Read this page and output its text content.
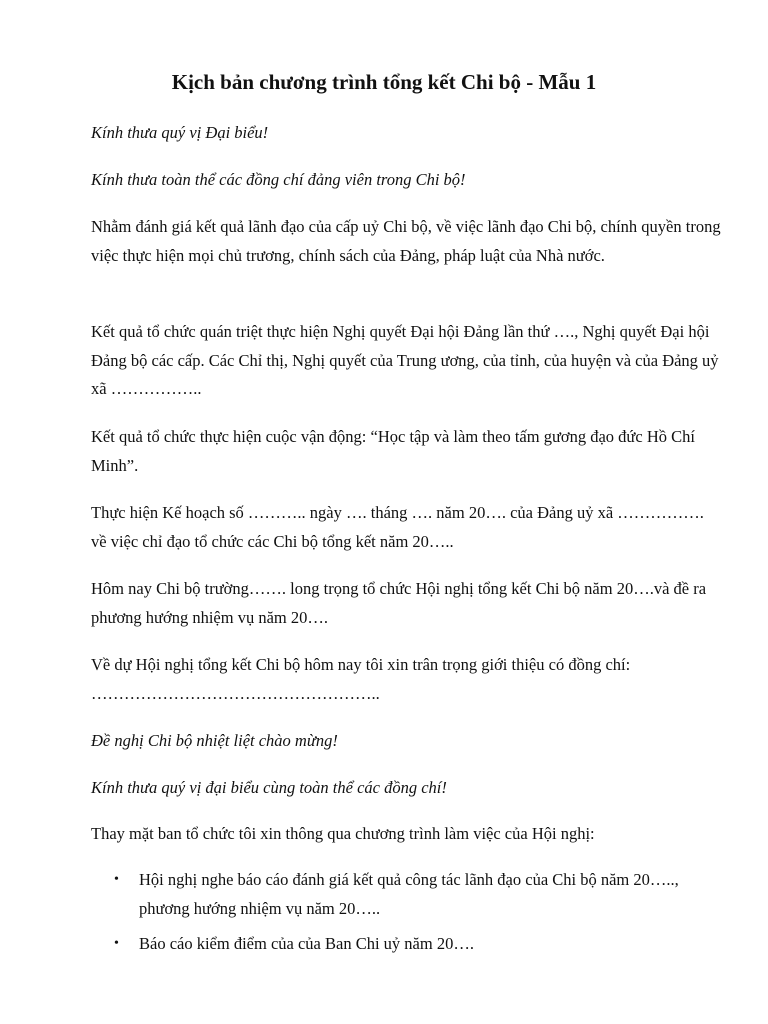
Kịch bản chương trình tổng kết Chi bộ - Mẫu 1

Kính thưa quý vị Đại biểu!

Kính thưa toàn thể các đồng chí đảng viên trong Chi bộ!

Nhằm đánh giá kết quả lãnh đạo của cấp uỷ Chi bộ, về việc lãnh đạo Chi bộ, chính quyền trong việc thực hiện mọi chủ trương, chính sách của Đảng, pháp luật của Nhà nước.

Kết quả tổ chức quán triệt thực hiện Nghị quyết Đại hội Đảng lần thứ …., Nghị quyết Đại hội Đảng bộ các cấp. Các Chỉ thị, Nghị quyết của Trung ương, của tỉnh, của huyện và của Đảng uỷ xã ……………..

Kết quả tổ chức thực hiện cuộc vận động: “Học tập và làm theo tấm gương đạo đức Hồ Chí Minh”.

Thực hiện Kế hoạch số ……….. ngày …. tháng …. năm 20…. của Đảng uỷ xã ……………. về việc chỉ đạo tổ chức các Chi bộ tổng kết năm 20…..

Hôm nay Chi bộ trường……. long trọng tổ chức Hội nghị tổng kết Chi bộ năm 20….và đề ra phương hướng nhiệm vụ năm 20….

Về dự Hội nghị tổng kết Chi bộ hôm nay tôi xin trân trọng giới thiệu có đồng chí: ……………………………………………..

Đề nghị Chi bộ nhiệt liệt chào mừng!

Kính thưa quý vị đại biểu cùng toàn thể các đồng chí!

Thay mặt ban tổ chức tôi xin thông qua chương trình làm việc của Hội nghị:

• Hội nghị nghe báo cáo đánh giá kết quả công tác lãnh đạo của Chi bộ năm 20….., phương hướng nhiệm vụ năm 20…..
• Báo cáo kiểm điểm của của Ban Chi uỷ năm 20….
